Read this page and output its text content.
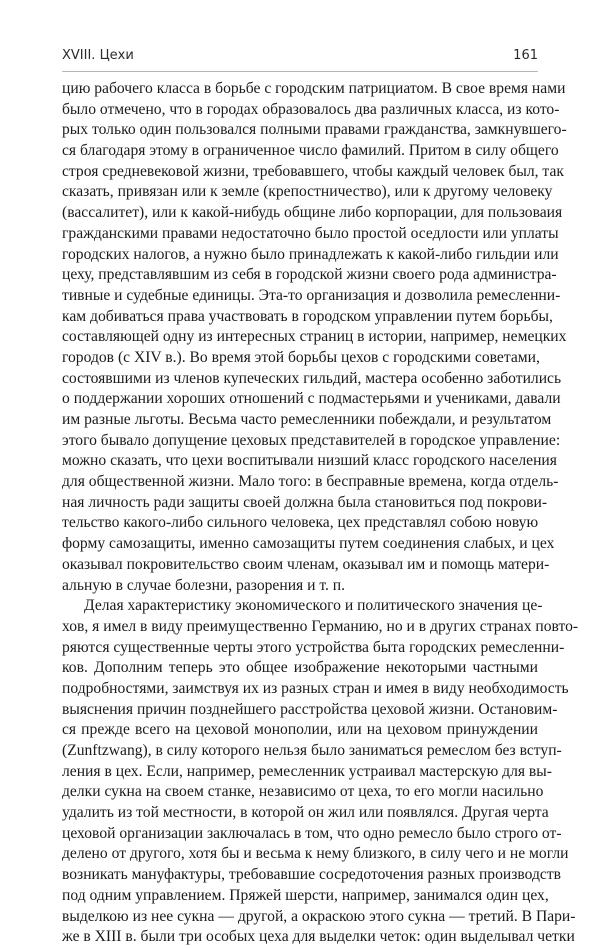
XVIII. Цехи	161
цию рабочего класса в борьбе с городским патрициатом. В свое время нами
было отмечено, что в городах образовалось два различных класса, из кото-
рых только один пользовался полными правами гражданства, замкнувшего-
ся благодаря этому в ограниченное число фамилий. Притом в силу общего
строя средневековой жизни, требовавшего, чтобы каждый человек был, так
сказать, привязан или к земле (крепостничество), или к другому человеку
(вассалитет), или к какой-нибудь общине либо корпорации, для пользоваия
гражданскими правами недостаточно было простой оседлости или уплаты
городских налогов, а нужно было принадлежать к какой-либо гильдии или
цеху, представлявшим из себя в городской жизни своего рода администра-
тивные и судебные единицы. Эта-то организация и дозволила ремесленни-
кам добиваться права участвовать в городском управлении путем борьбы,
составляющей одну из интересных страниц в истории, например, немецких
городов (с XIV в.). Во время этой борьбы цехов с городскими советами,
состоявшими из членов купеческих гильдий, мастера особенно заботились
о поддержании хороших отношений с подмастерьями и учениками, давали
им разные льготы. Весьма часто ремесленники побеждали, и результатом
этого бывало допущение цеховых представителей в городское управление:
можно сказать, что цехи воспитывали низший класс городского населения
для общественной жизни. Мало того: в бесправные времена, когда отдель-
ная личность ради защиты своей должна была становиться под покрови-
тельство какого-либо сильного человека, цех представлял собою новую
форму самозащиты, именно самозащиты путем соединения слабых, и цех
оказывал покровительство своим членам, оказывал им и помощь матери-
альную в случае болезни, разорения и т. п.
Делая характеристику экономического и политического значения це-
хов, я имел в виду преимущественно Германию, но и в других странах повто-
ряются существенные черты этого устройства быта городских ремесленни-
ков. Дополним теперь это общее изображение некоторыми частными
подробностями, заимствуя их из разных стран и имея в виду необходимость
выяснения причин позднейшего расстройства цеховой жизни. Остановим-
ся прежде всего на цеховой монополии, или на цеховом принуждении
(Zunftzwang), в силу которого нельзя было заниматься ремеслом без вступ-
ления в цех. Если, например, ремесленник устраивал мастерскую для вы-
делки сукна на своем станке, независимо от цеха, то его могли насильно
удалить из той местности, в которой он жил или появлялся. Другая черта
цеховой организации заключалась в том, что одно ремесло было строго от-
делено от другого, хотя бы и весьма к нему близкого, в силу чего и не могли
возникать мануфактуры, требовавшие сосредоточения разных производств
под одним управлением. Пряжей шерсти, например, занимался один цех,
выделкою из нее сукна — другой, а окраскою этого сукна — третий. В Пари-
же в XIII в. были три особых цеха для выделки четок: один выделывал четки
